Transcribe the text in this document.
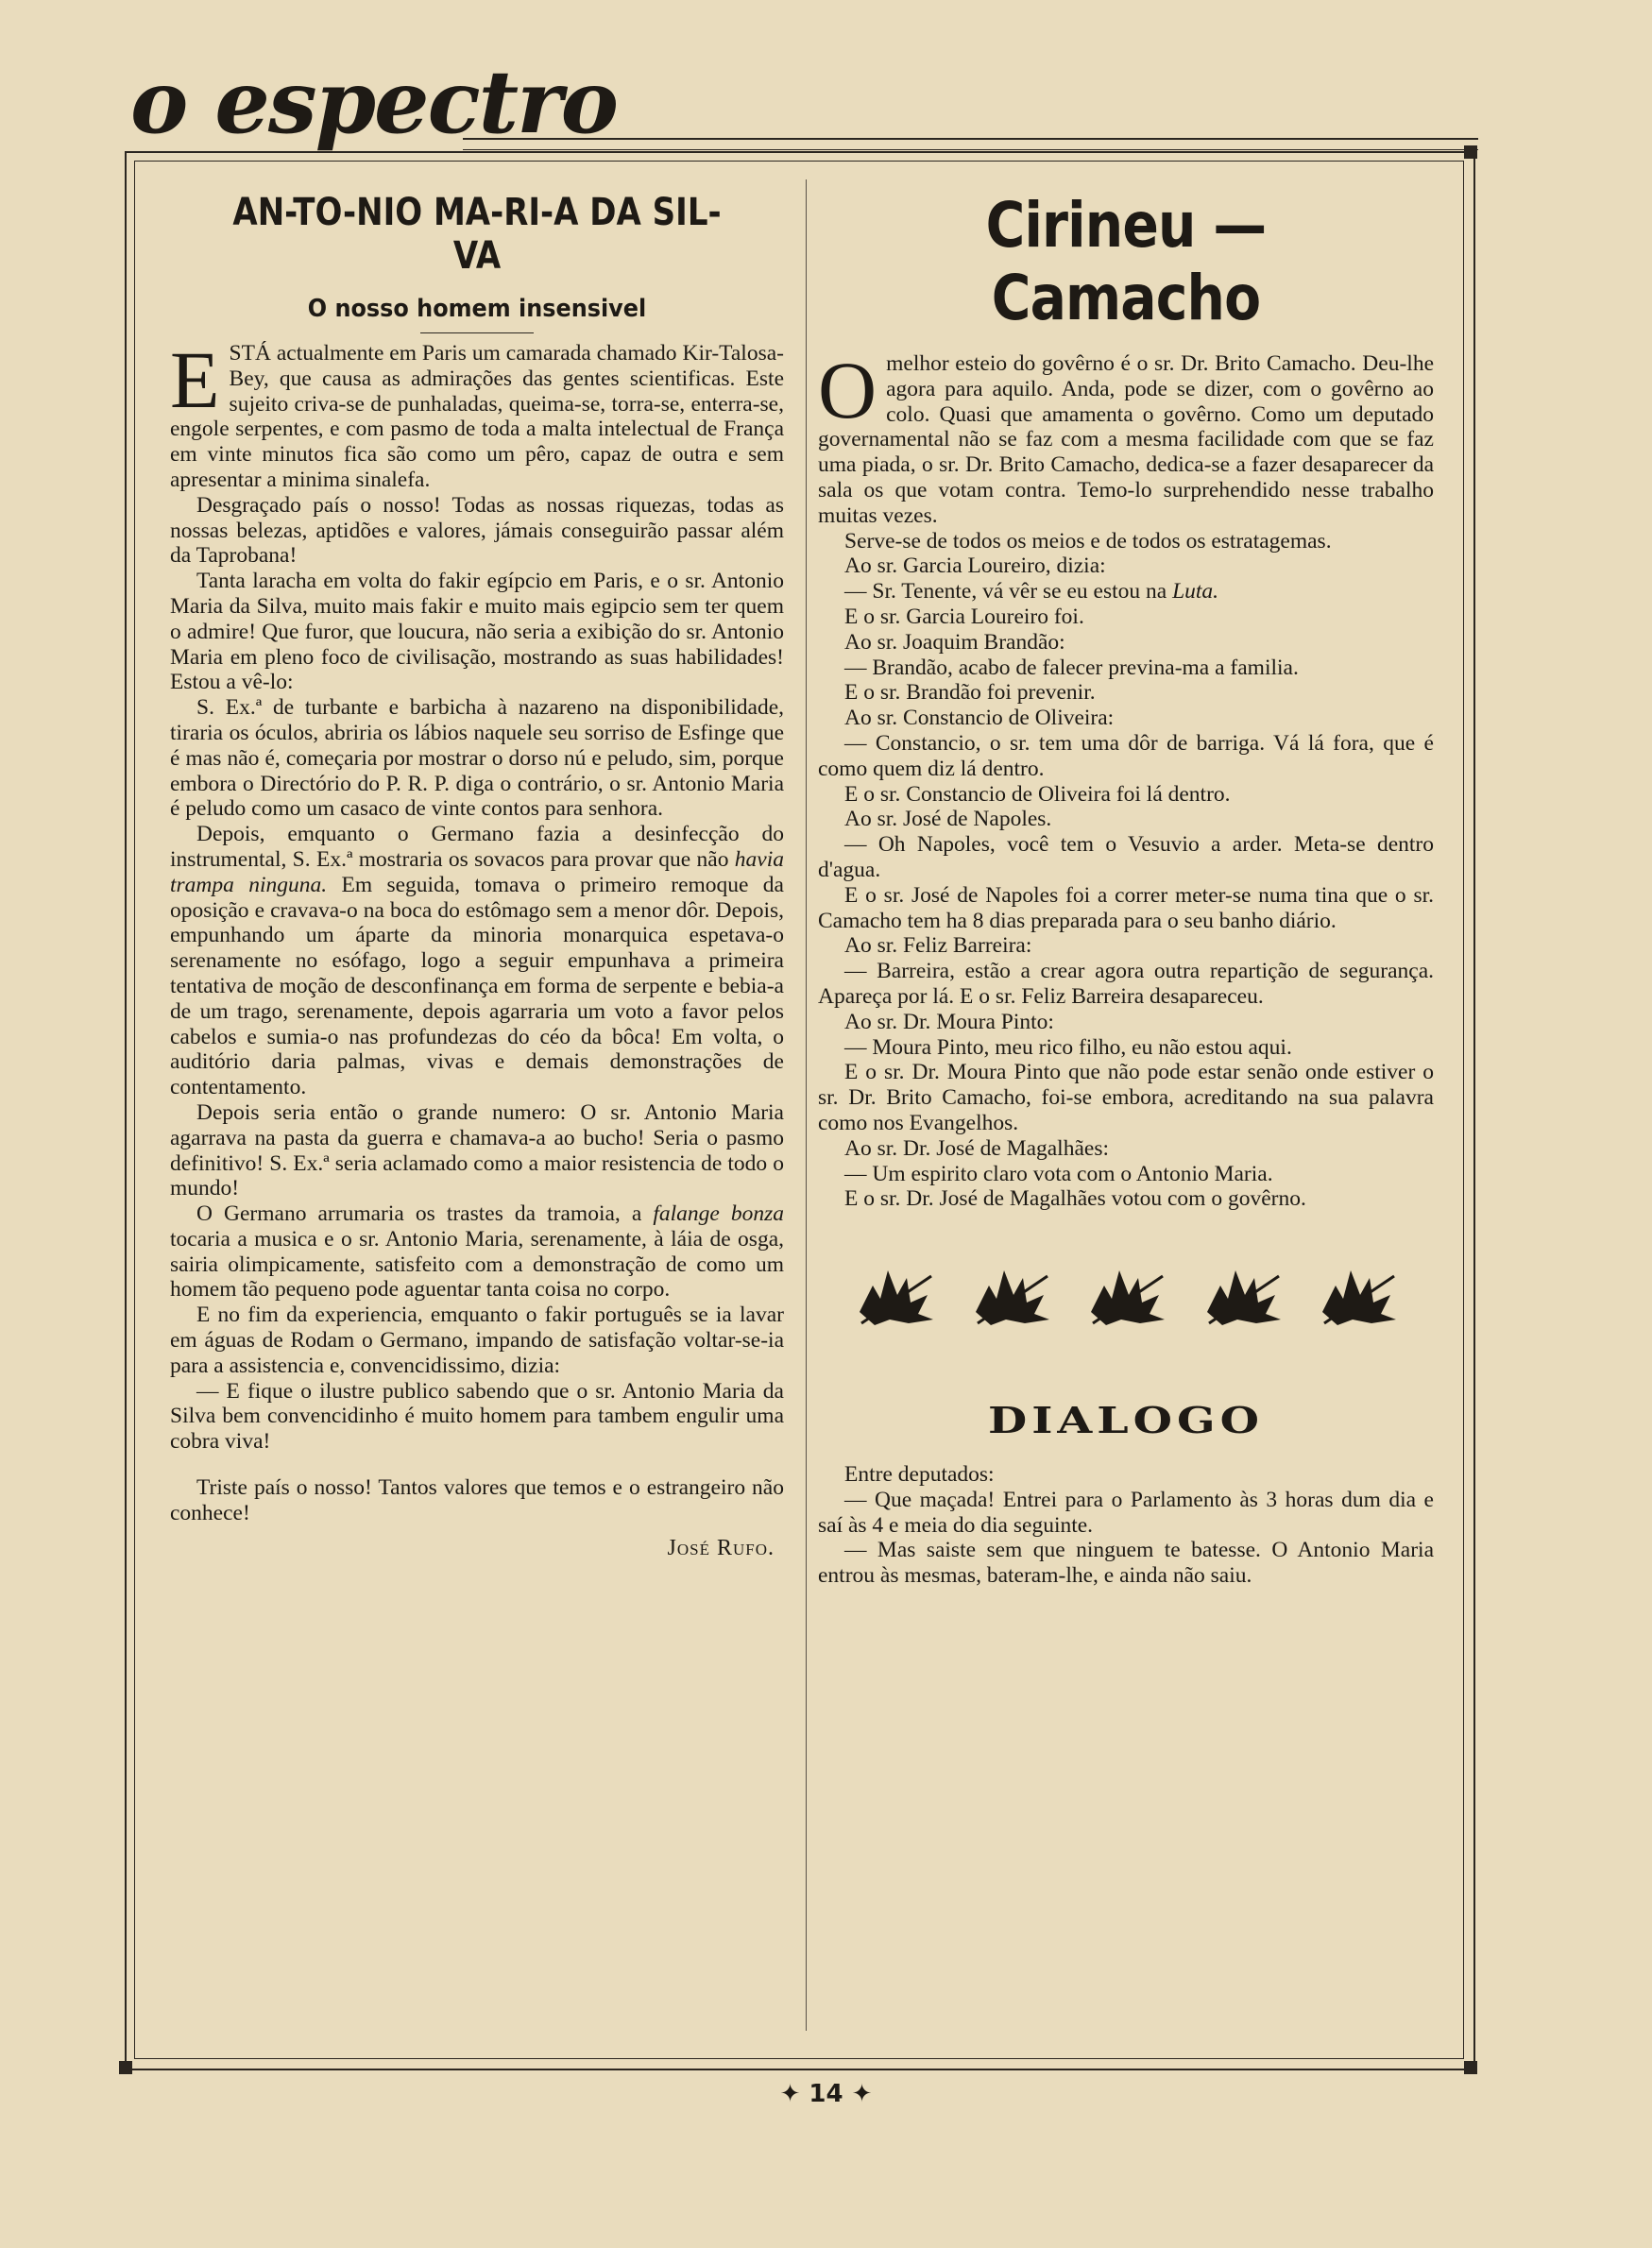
o espectro
AN-TO-NIO MA-RI-A DA SIL-VA
O nosso homem insensivel

ESTÁ actualmente em Paris um camarada chamado Kir-Talosa-Bey, que causa as admirações das gentes scientificas. Este sujeito criva-se de punhaladas, queima-se, torra-se, enterra-se, engole serpentes, e com pasmo de toda a malta intelectual de França em vinte minutos fica são como um pêro, capaz de outra e sem apresentar a minima sinalefa.

Desgraçado país o nosso! Todas as nossas riquezas, todas as nossas belezas, aptidões e valores, jámais conseguirão passar além da Taprobana!

Tanta laracha em volta do fakir egípcio em Paris, e o sr. Antonio Maria da Silva, muito mais fakir e muito mais egipcio sem ter quem o admire! Que furor, que loucura, não seria a exibição do sr. Antonio Maria em pleno foco de civilisação, mostrando as suas habilidades! Estou a vê-lo:

S. Ex.ª de turbante e barbicha à nazareno na disponibilidade, tiraria os óculos, abriria os lábios naquele seu sorriso de Esfinge que é mas não é, começaria por mostrar o dorso nú e peludo, sim, porque embora o Directório do P. R. P. diga o contrário, o sr. Antonio Maria é peludo como um casaco de vinte contos para senhora.

Depois, emquanto o Germano fazia a desinfecção do instrumental, S. Ex.ª mostraria os sovacos para provar que não havia trampa ninguna. Em seguida, tomava o primeiro remoque da oposição e cravava-o na boca do estômago sem a menor dôr. Depois, empunhando um áparte da minoria monarquica espetava-o serenamente no esófago, logo a seguir empunhava a primeira tentativa de moção de desconfinança em forma de serpente e bebia-a de um trago, serenamente, depois agarraria um voto a favor pelos cabelos e sumia-o nas profundezas do céo da bôca! Em volta, o auditório daria palmas, vivas e demais demonstrações de contentamento.

Depois seria então o grande numero: O sr. Antonio Maria agarrava na pasta da guerra e chamava-a ao bucho! Seria o pasmo definitivo! S. Ex.ª seria aclamado como a maior resistencia de todo o mundo!

O Germano arrumaria os trastes da tramoia, a falange bonza tocaria a musica e o sr. Antonio Maria, serenamente, à láia de osga, sairia olimpicamente, satisfeito com a demonstração de como um homem tão pequeno pode aguentar tanta coisa no corpo.

E no fim da experiencia, emquanto o fakir português se ia lavar em águas de Rodam o Germano, impando de satisfação voltar-se-ia para a assistencia e, convencidissimo, dizia:

— E fique o ilustre publico sabendo que o sr. Antonio Maria da Silva bem convencidinho é muito homem para tambem engulir uma cobra viva!

Triste país o nosso! Tantos valores que temos e o estrangeiro não conhece!

José Rufo.
Cirineu — Camacho

Omelhor esteio do govêrno é o sr. Dr. Brito Camacho. Deu-lhe agora para aquilo. Anda, pode se dizer, com o govêrno ao colo. Quasi que amamenta o govêrno. Como um deputado governamental não se faz com a mesma facilidade com que se faz uma piada, o sr. Dr. Brito Camacho, dedica-se a fazer desaparecer da sala os que votam contra. Temo-lo surprehendido nesse trabalho muitas vezes.

Serve-se de todos os meios e de todos os estratagemas.

Ao sr. Garcia Loureiro, dizia:

— Sr. Tenente, vá vêr se eu estou na Luta.

E o sr. Garcia Loureiro foi.

Ao sr. Joaquim Brandão:

— Brandão, acabo de falecer previna-ma a familia.

E o sr. Brandão foi prevenir.

Ao sr. Constancio de Oliveira:

— Constancio, o sr. tem uma dôr de barriga. Vá lá fora, que é como quem diz lá dentro.

E o sr. Constancio de Oliveira foi lá dentro.

Ao sr. José de Napoles.

— Oh Napoles, você tem o Vesuvio a arder. Meta-se dentro d'agua.

E o sr. José de Napoles foi a correr meter-se numa tina que o sr. Camacho tem ha 8 dias preparada para o seu banho diário.

Ao sr. Feliz Barreira:

— Barreira, estão a crear agora outra repartição de segurança. Apareça por lá. E o sr. Feliz Barreira desapareceu.

Ao sr. Dr. Moura Pinto:

— Moura Pinto, meu rico filho, eu não estou aqui.

E o sr. Dr. Moura Pinto que não pode estar senão onde estiver o sr. Dr. Brito Camacho, foi-se embora, acreditando na sua palavra como nos Evangelhos.

Ao sr. Dr. José de Magalhães:

— Um espirito claro vota com o Antonio Maria.

E o sr. Dr. José de Magalhães votou com o govêrno.

DIALOGO

Entre deputados:

— Que maçada! Entrei para o Parlamento às 3 horas dum dia e saí às 4 e meia do dia seguinte.

— Mas saiste sem que ninguem te batesse. O Antonio Maria entrou às mesmas, bateram-lhe, e ainda não saiu.

✦ 14 ✦
